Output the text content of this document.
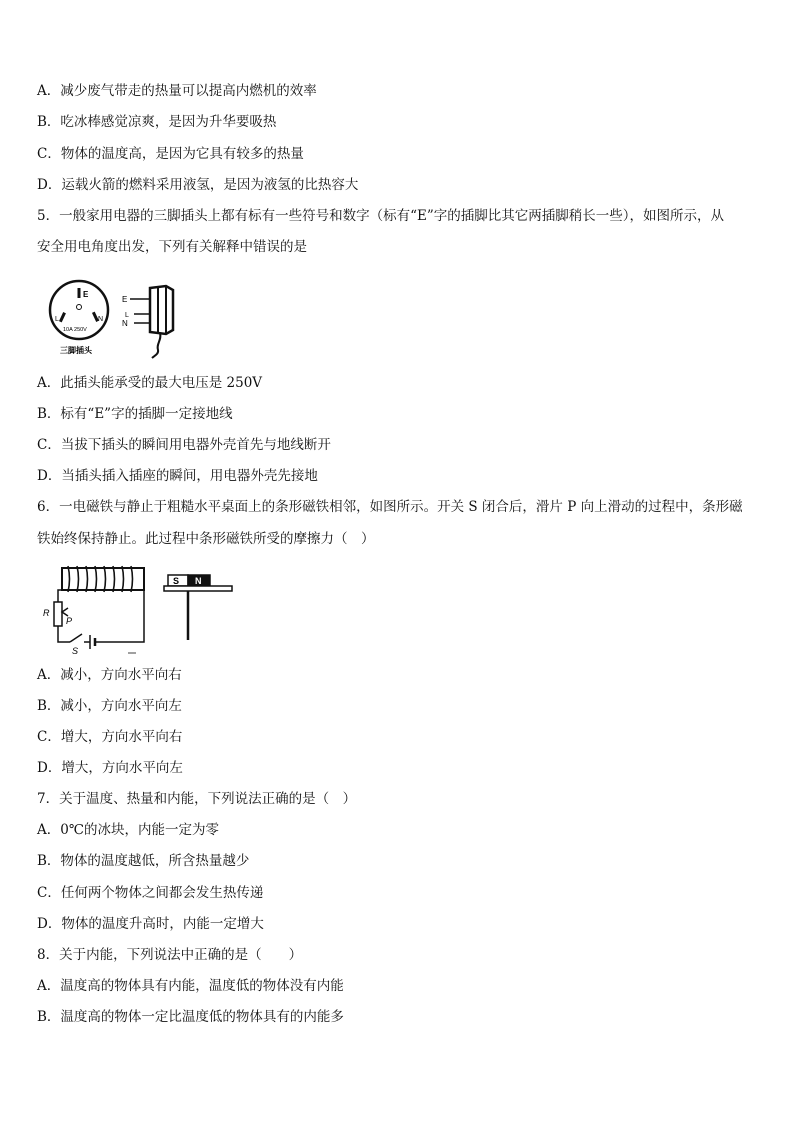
A．减少废气带走的热量可以提高内燃机的效率
B．吃冰棒感觉凉爽，是因为升华要吸热
C．物体的温度高，是因为它具有较多的热量
D．运载火箭的燃料采用液氢，是因为液氢的比热容大
5．一般家用电器的三脚插头上都有标有一些符号和数字（标有“E”字的插脚比其它两插脚稍长一些），如图所示，从
安全用电角度出发，下列有关解释中错误的是
E
L	N
10A 250V
三脚插头
E
L
N
A．此插头能承受的最大电压是 250V
B．标有“E”字的插脚一定接地线
C．当拔下插头的瞬间用电器外壳首先与地线断开
D．当插头插入插座的瞬间，用电器外壳先接地
6．一电磁铁与静止于粗糙水平桌面上的条形磁铁相邻，如图所示。开关 S 闭合后，滑片 P 向上滑动的过程中，条形磁
铁始终保持静止。此过程中条形磁铁所受的摩擦力（　）
R
P
S
S N
A．减小，方向水平向右
B．减小，方向水平向左
C．增大，方向水平向右
D．增大，方向水平向左
7．关于温度、热量和内能，下列说法正确的是（　）
A．0℃的冰块，内能一定为零
B．物体的温度越低，所含热量越少
C．任何两个物体之间都会发生热传递
D．物体的温度升高时，内能一定增大
8．关于内能，下列说法中正确的是（　　）
A．温度高的物体具有内能，温度低的物体没有内能
B．温度高的物体一定比温度低的物体具有的内能多
